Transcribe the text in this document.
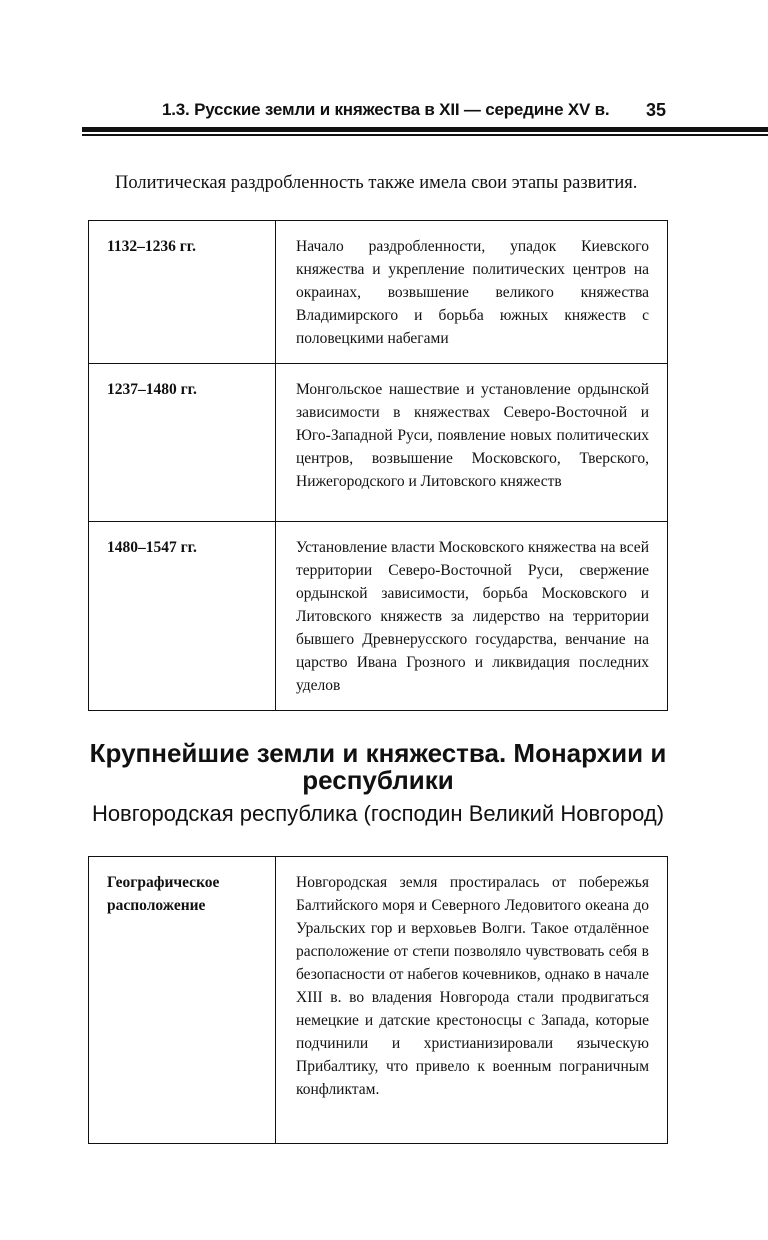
1.3. Русские земли и княжества в XII — середине XV в. 35

Политическая раздробленность также имела свои этапы развития.

1132–1236 гг.	Начало раздробленности, упадок Киевского княжества и укрепление политических центров на окраинах, возвышение великого княжества Владимирского и борьба южных княжеств с половецкими набегами
1237–1480 гг.	Монгольское нашествие и установление ордынской зависимости в княжествах Северо-Восточной и Юго-Западной Руси, появление новых политических центров, возвышение Московского, Тверского, Нижегородского и Литовского княжеств
1480–1547 гг.	Установление власти Московского княжества на всей территории Северо-Восточной Руси, свержение ордынской зависимости, борьба Московского и Литовского княжеств за лидерство на территории бывшего Древнерусского государства, венчание на царство Ивана Грозного и ликвидация последних уделов
Крупнейшие земли и княжества. Монархии и республики
Новгородская республика (господин Великий Новгород)
Географическое расположение	Новгородская земля простиралась от побережья Балтийского моря и Северного Ледовитого океана до Уральских гор и верховьев Волги. Такое отдалённое расположение от степи позволяло чувствовать себя в безопасности от набегов кочевников, однако в начале XIII в. во владения Новгорода стали продвигаться немецкие и датские крестоносцы с Запада, которые подчинили и христианизировали языческую Прибалтику, что привело к военным пограничным конфликтам.
